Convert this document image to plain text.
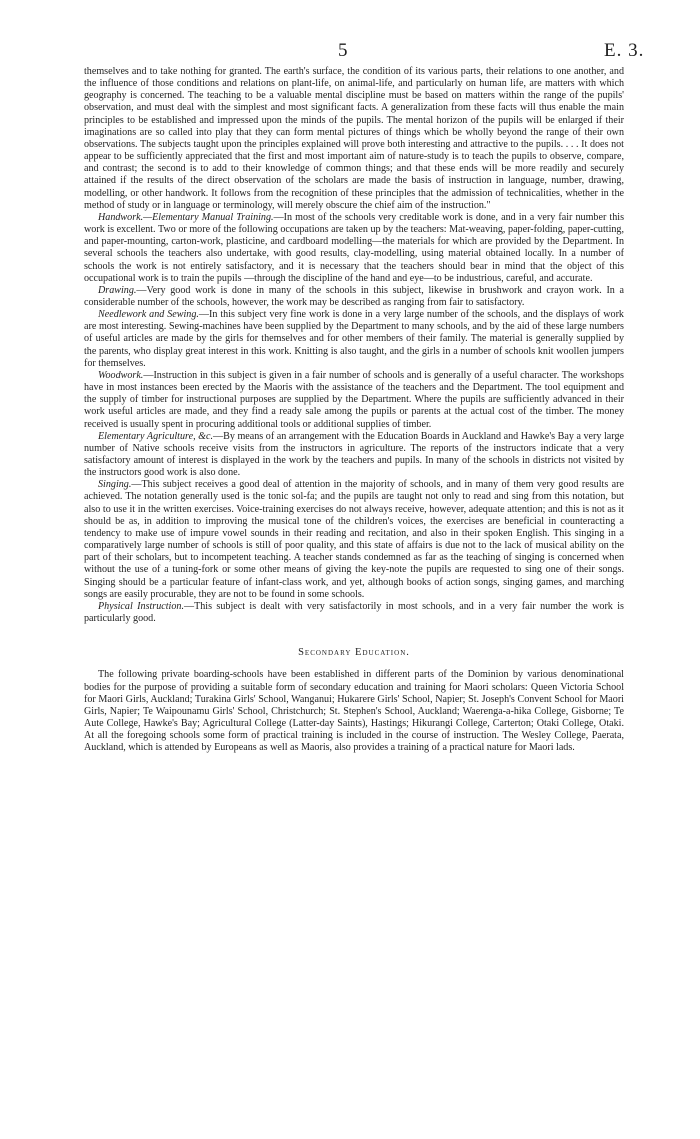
5	E. 3.

themselves and to take nothing for granted. The earth's surface, the condition of its various parts, their relations to one another, and the influence of those conditions and relations on plant-life, on animal-life, and particularly on human life, are matters with which geography is concerned. The teaching to be a valuable mental discipline must be based on matters within the range of the pupils' observation, and must deal with the simplest and most significant facts. A generalization from these facts will thus enable the main principles to be established and impressed upon the minds of the pupils. The mental horizon of the pupils will be enlarged if their imaginations are so called into play that they can form mental pictures of things which be wholly beyond the range of their own observations. The subjects taught upon the principles explained will prove both interesting and attractive to the pupils. . . . It does not appear to be sufficiently appreciated that the first and most important aim of nature-study is to teach the pupils to observe, compare, and contrast; the second is to add to their knowledge of common things; and that these ends will be more readily and securely attained if the results of the direct observation of the scholars are made the basis of instruction in language, number, drawing, modelling, or other handwork. It follows from the recognition of these principles that the admission of technicalities, whether in the method of study or in language or terminology, will merely obscure the chief aim of the instruction."

Handwork.—Elementary Manual Training.—In most of the schools very creditable work is done, and in a very fair number this work is excellent. Two or more of the following occupations are taken up by the teachers: Mat-weaving, paper-folding, paper-cutting, and paper-mounting, carton-work, plasticine, and cardboard modelling—the materials for which are provided by the Department. In several schools the teachers also undertake, with good results, clay-modelling, using material obtained locally. In a number of schools the work is not entirely satisfactory, and it is necessary that the teachers should bear in mind that the object of this occupational work is to train the pupils —through the discipline of the hand and eye—to be industrious, careful, and accurate.

Drawing.—Very good work is done in many of the schools in this subject, likewise in brushwork and crayon work. In a considerable number of the schools, however, the work may be described as ranging from fair to satisfactory.

Needlework and Sewing.—In this subject very fine work is done in a very large number of the schools, and the displays of work are most interesting. Sewing-machines have been supplied by the Department to many schools, and by the aid of these large numbers of useful articles are made by the girls for themselves and for other members of their family. The material is generally supplied by the parents, who display great interest in this work. Knitting is also taught, and the girls in a number of schools knit woollen jumpers for themselves.

Woodwork.—Instruction in this subject is given in a fair number of schools and is generally of a useful character. The workshops have in most instances been erected by the Maoris with the assistance of the teachers and the Department. The tool equipment and the supply of timber for instructional purposes are supplied by the Department. Where the pupils are sufficiently advanced in their work useful articles are made, and they find a ready sale among the pupils or parents at the actual cost of the timber. The money received is usually spent in procuring additional tools or additional supplies of timber.

Elementary Agriculture, &c.—By means of an arrangement with the Education Boards in Auckland and Hawke's Bay a very large number of Native schools receive visits from the instructors in agriculture. The reports of the instructors indicate that a very satisfactory amount of interest is displayed in the work by the teachers and pupils. In many of the schools in districts not visited by the instructors good work is also done.

Singing.—This subject receives a good deal of attention in the majority of schools, and in many of them very good results are achieved. The notation generally used is the tonic sol-fa; and the pupils are taught not only to read and sing from this notation, but also to use it in the written exercises. Voice-training exercises do not always receive, however, adequate attention; and this is not as it should be as, in addition to improving the musical tone of the children's voices, the exercises are beneficial in counteracting a tendency to make use of impure vowel sounds in their reading and recitation, and also in their spoken English. This singing in a comparatively large number of schools is still of poor quality, and this state of affairs is due not to the lack of musical ability on the part of their scholars, but to incompetent teaching. A teacher stands condemned as far as the teaching of singing is concerned when without the use of a tuning-fork or some other means of giving the key-note the pupils are requested to sing one of their songs. Singing should be a particular feature of infant-class work, and yet, although books of action songs, singing games, and marching songs are easily procurable, they are not to be found in some schools.

Physical Instruction.—This subject is dealt with very satisfactorily in most schools, and in a very fair number the work is particularly good.

Secondary Education.

The following private boarding-schools have been established in different parts of the Dominion by various denominational bodies for the purpose of providing a suitable form of secondary education and training for Maori scholars: Queen Victoria School for Maori Girls, Auckland; Turakina Girls' School, Wanganui; Hukarere Girls' School, Napier; St. Joseph's Convent School for Maori Girls, Napier; Te Waipounamu Girls' School, Christchurch; St. Stephen's School, Auckland; Waerenga-a-hika College, Gisborne; Te Aute College, Hawke's Bay; Agricultural College (Latter-day Saints), Hastings; Hikurangi College, Carterton; Otaki College, Otaki. At all the foregoing schools some form of practical training is included in the course of instruction. The Wesley College, Paerata, Auckland, which is attended by Europeans as well as Maoris, also provides a training of a practical nature for Maori lads.
